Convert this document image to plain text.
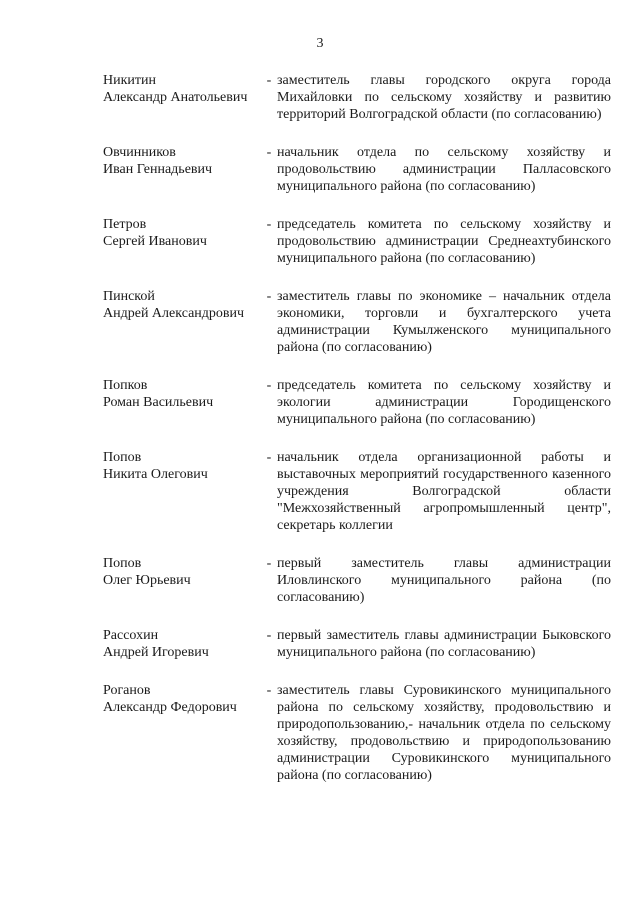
3
Никитин
Александр Анатольевич
- заместитель главы городского округа города Михайловки по сельскому хозяйству и развитию территорий Волгоградской области (по согласованию)
Овчинников
Иван Геннадьевич
- начальник отдела по сельскому хозяйству и продовольствию администрации Палласовского муниципального района (по согласованию)
Петров
Сергей Иванович
- председатель комитета по сельскому хозяйству и продовольствию администрации Среднеахтубинского муниципального района (по согласованию)
Пинской
Андрей Александрович
- заместитель главы по экономике – начальник отдела экономики, торговли и бухгалтерского учета администрации Кумылженского муниципального района (по согласованию)
Попков
Роман Васильевич
- председатель комитета по сельскому хозяйству и экологии администрации Городищенского муниципального района (по согласованию)
Попов
Никита Олегович
- начальник отдела организационной работы и выставочных мероприятий государственного казенного учреждения Волгоградской области "Межхозяйственный агропромышленный центр", секретарь коллегии
Попов
Олег Юрьевич
- первый заместитель главы администрации Иловлинского муниципального района (по согласованию)
Рассохин
Андрей Игоревич
- первый заместитель главы администрации Быковского муниципального района (по согласованию)
Роганов
Александр Федорович
- заместитель главы Суровикинского муниципального района по сельскому хозяйству, продовольствию и природопользованию,- начальник отдела по сельскому хозяйству, продовольствию и природопользованию администрации Суровикинского муниципального района (по согласованию)
